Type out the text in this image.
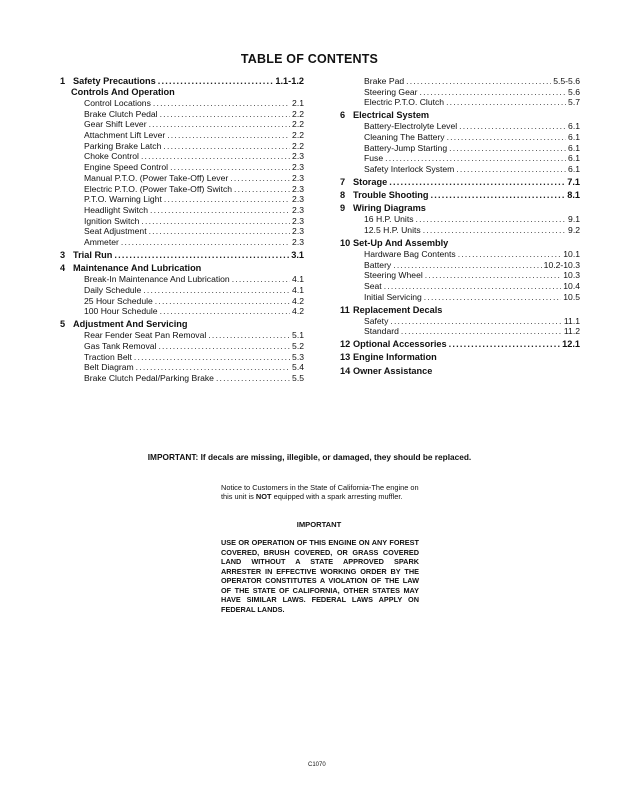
TABLE OF CONTENTS
1 Safety Precautions .....	1.1-1.2
Controls And Operation
Control Locations .....	2.1
Brake Clutch Pedal .....	2.2
Gear Shift Lever .....	2.2
Attachment Lift Lever .....	2.2
Parking Brake Latch .....	2.2
Choke Control .....	2.3
Engine Speed Control .....	2.3
Manual P.T.O. (Power Take-Off) Lever .....	2.3
Electric P.T.O. (Power Take-Off) Switch .....	2.3
P.T.O. Warning Light .....	2.3
Headlight Switch .....	2.3
Ignition Switch .....	2.3
Seat Adjustment .....	2.3
Ammeter .....	2.3
3 Trial Run .....	3.1
4 Maintenance And Lubrication
Break-In Maintenance And Lubrication .....	4.1
Daily Schedule .....	4.1
25 Hour Schedule .....	4.2
100 Hour Schedule .....	4.2
5 Adjustment And Servicing
Rear Fender Seat Pan Removal .....	5.1
Gas Tank Removal .....	5.2
Traction Belt .....	5.3
Belt Diagram .....	5.4
Brake Clutch Pedal/Parking Brake .....	5.5
Brake Pad .....	5.5-5.6
Steering Gear .....	5.6
Electric P.T.O. Clutch .....	5.7
6 Electrical System
Battery-Electrolyte Level .....	6.1
Cleaning The Battery .....	6.1
Battery-Jump Starting .....	6.1
Fuse .....	6.1
Safety Interlock System .....	6.1
7 Storage .....	7.1
8 Trouble Shooting .....	8.1
9 Wiring Diagrams
16 H.P. Units .....	9.1
12.5 H.P. Units .....	9.2
10 Set-Up And Assembly
Hardware Bag Contents .....	10.1
Battery .....	10.2-10.3
Steering Wheel .....	10.3
Seat .....	10.4
Initial Servicing .....	10.5
11 Replacement Decals
Safety .....	11.1
Standard .....	11.2
12 Optional Accessories .....	12.1
13 Engine Information
14 Owner Assistance
IMPORTANT: If decals are missing, illegible, or damaged, they should be replaced.
Notice to Customers in the State of California-The engine on this unit is NOT equipped with a spark arresting muffler.
IMPORTANT
USE OR OPERATION OF THIS ENGINE ON ANY FOREST COVERED, BRUSH COVERED, OR GRASS COVERED LAND WITHOUT A STATE APPROVED SPARK ARRESTER IN EFFECTIVE WORKING ORDER BY THE OPERATOR CONSTITUTES A VIOLATION OF THE LAW OF THE STATE OF CALIFORNIA, OTHER STATES MAY HAVE SIMILAR LAWS. FEDERAL LAWS APPLY ON FEDERAL LANDS.
C1070
